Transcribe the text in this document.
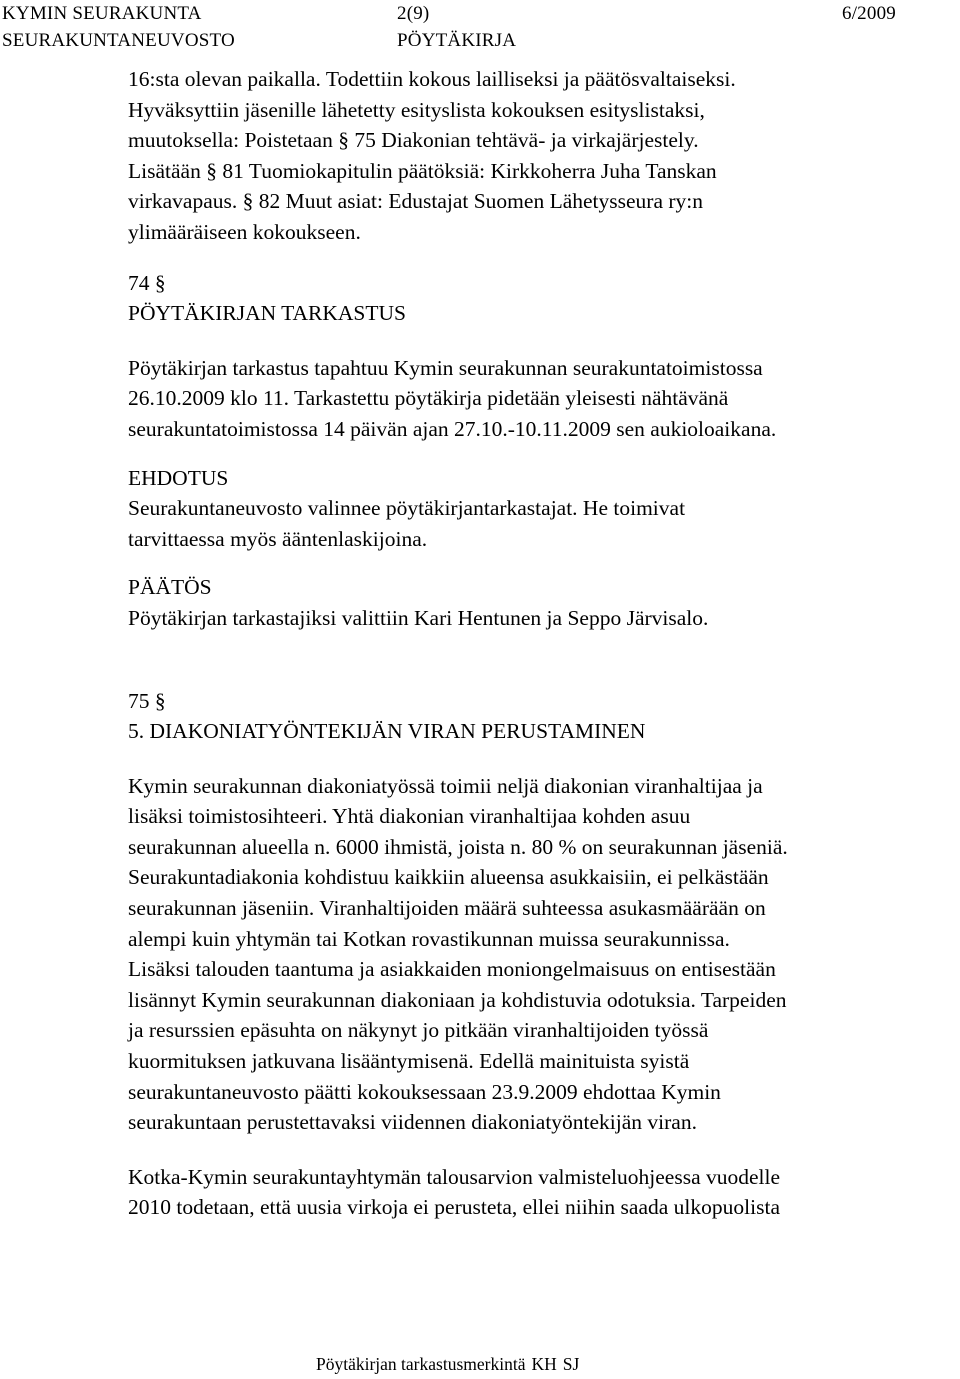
KYMIN SEURAKUNTA	2(9)	6/2009
SEURAKUNTANEUVOSTO	PÖYTÄKIRJA
16:sta olevan paikalla. Todettiin kokous lailliseksi ja päätösvaltaiseksi.
Hyväksyttiin jäsenille lähetetty esityslista kokouksen esityslistaksi,
muutoksella: Poistetaan § 75 Diakonian tehtävä- ja virkajärjestely.
Lisätään § 81 Tuomiokapitulin päätöksiä: Kirkkoherra Juha Tanskan
virkavapaus. § 82 Muut asiat: Edustajat Suomen Lähetysseura ry:n
ylimääräiseen kokoukseen.
74 §
PÖYTÄKIRJAN TARKASTUS
Pöytäkirjan tarkastus tapahtuu Kymin seurakunnan seurakuntatoimistossa
26.10.2009 klo 11. Tarkastettu pöytäkirja pidetään yleisesti nähtävänä
seurakuntatoimistossa 14 päivän ajan 27.10.-10.11.2009 sen aukioloaikana.
EHDOTUS
Seurakuntaneuvosto valinnee pöytäkirjantarkastajat. He toimivat
tarvittaessa myös ääntenlaskijoina.
PÄÄTÖS
Pöytäkirjan tarkastajiksi valittiin Kari Hentunen ja Seppo Järvisalo.
75 §
5. DIAKONIATYÖNTEKIJÄN VIRAN PERUSTAMINEN
Kymin seurakunnan diakoniatyössä toimii neljä diakonian viranhaltijaa ja
lisäksi toimistosihteeri. Yhtä diakonian viranhaltijaa kohden asuu
seurakunnan alueella n. 6000 ihmistä, joista n. 80 % on seurakunnan jäseniä.
Seurakuntadiakonia kohdistuu kaikkiin alueensa asukkaisiin, ei pelkästään
seurakunnan jäseniin. Viranhaltijoiden määrä suhteessa asukasmäärään on
alempi kuin yhtymän tai Kotkan rovastikunnan muissa seurakunnissa.
Lisäksi talouden taantuma ja asiakkaiden moniongelmaisuus on entisestään
lisännyt Kymin seurakunnan diakoniaan ja kohdistuvia odotuksia. Tarpeiden
ja resurssien epäsuhta on näkynyt jo pitkään viranhaltijoiden työssä
kuormituksen jatkuvana lisääntymisenä. Edellä mainituista syistä
seurakuntaneuvosto päätti kokouksessaan 23.9.2009 ehdottaa Kymin
seurakuntaan perustettavaksi viidennen diakoniatyöntekijän viran.
Kotka-Kymin seurakuntayhtymän talousarvion valmisteluohjeessa vuodelle
2010 todetaan, että uusia virkoja ei perusteta, ellei niihin saada ulkopuolista
Pöytäkirjan tarkastusmerkintä KH SJ
